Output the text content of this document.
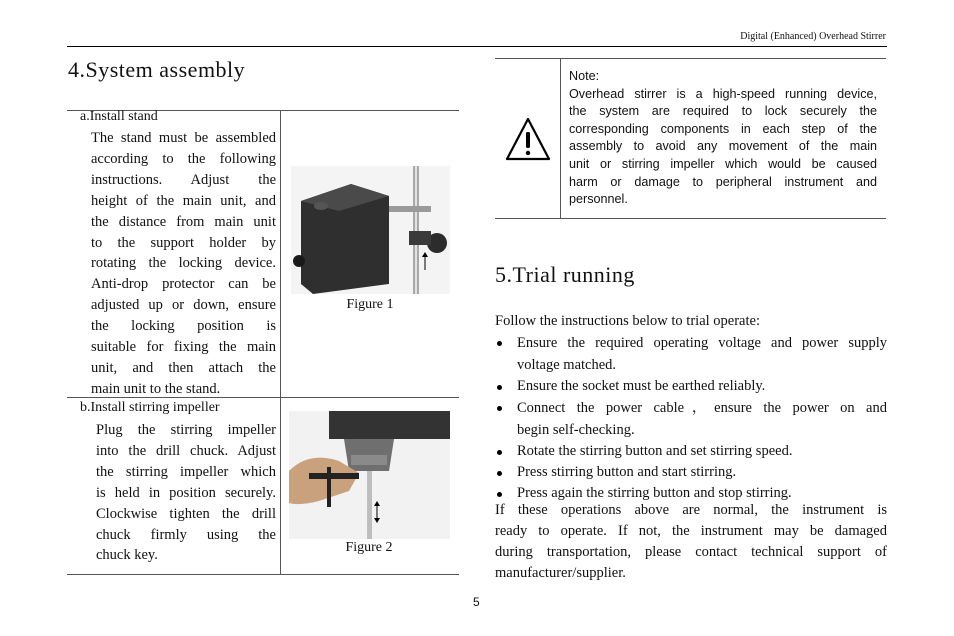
Digital (Enhanced) Overhead Stirrer
4.System assembly
a.Install stand
The stand must be assembled
according to the following
instructions. Adjust the
height of the main unit, and
the distance from main unit
to the support holder by
rotating the locking device.
Anti-drop protector can be
adjusted up or down, ensure
the locking position is
suitable for fixing the main
unit, and then attach the
main unit to the stand.
Figure 1
b.Install stirring impeller
Plug the stirring impeller
into the drill chuck. Adjust
the stirring impeller which
is held in position securely.
Clockwise tighten the drill
chuck firmly using the
chuck key.	Figure 2
Note:
Overhead stirrer is a high-speed running device,
the system are required to lock securely the
corresponding components in each step of the
assembly to avoid any movement of the main
unit or stirring impeller which would be caused
harm or damage to peripheral instrument and
personnel.
5.Trial running
Follow the instructions below to trial operate:
Ensure the required operating voltage and power supply
voltage matched.
Ensure the socket must be earthed reliably.
Connect the power cable，ensure the power on and
begin self-checking.
Rotate the stirring button and set stirring speed.
Press stirring button and start stirring.
Press again the stirring button and stop stirring.
If these operations above are normal, the instrument is
ready to operate. If not, the instrument may be damaged
during transportation, please contact technical support of
manufacturer/supplier.
5
